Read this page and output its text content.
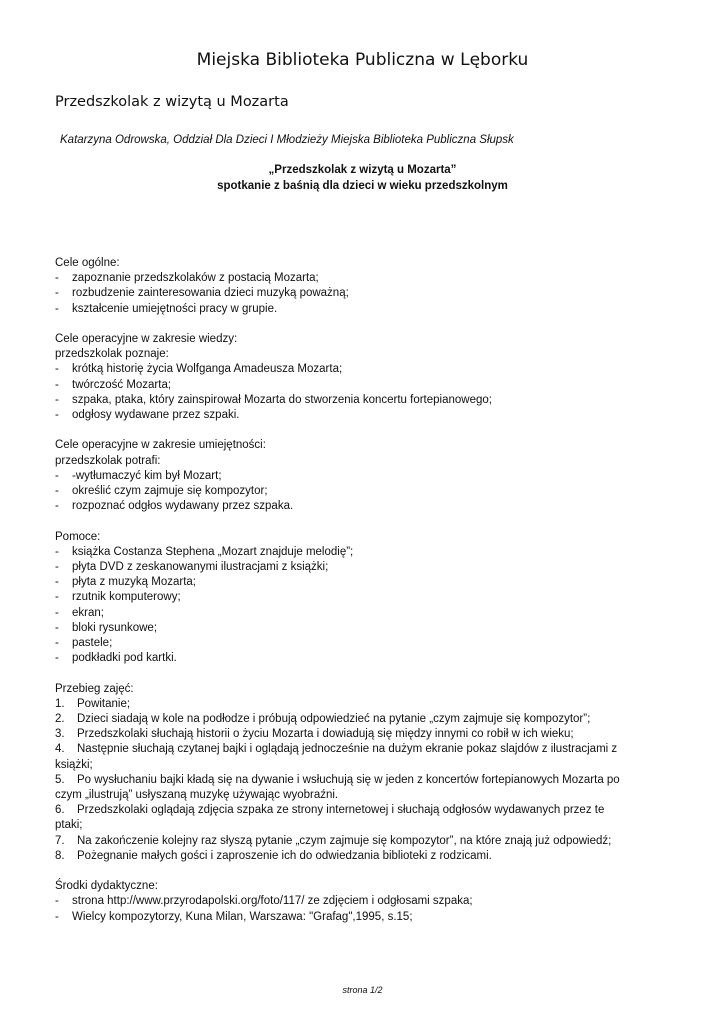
Miejska Biblioteka Publiczna w Lęborku
Przedszkolak z wizytą u Mozarta
Katarzyna Odrowska, Oddział Dla Dzieci I Młodzieży Miejska Biblioteka Publiczna Słupsk
„Przedszkolak z wizytą u Mozarta”
spotkanie z baśnią dla dzieci w wieku przedszkolnym
Cele ogólne:
-	zapoznanie przedszkolaków z postacią Mozarta;
-	rozbudzenie zainteresowania dzieci muzyką poważną;
-	kształcenie umiejętności pracy w grupie.
Cele operacyjne w zakresie wiedzy:
przedszkolak poznaje:
-	krótką historię życia Wolfganga Amadeusza Mozarta;
-	twórczość Mozarta;
-	szpaka, ptaka, który zainspirował Mozarta do stworzenia koncertu fortepianowego;
-	odgłosy wydawane przez szpaki.
Cele operacyjne w zakresie umiejętności:
przedszkolak potrafi:
-	-wytłumaczyć kim był Mozart;
-	określić czym zajmuje się kompozytor;
-	rozpoznać odgłos wydawany przez szpaka.
Pomoce:
-	książka Costanza Stephena „Mozart znajduje melodię”;
-	płyta DVD z zeskanowanymi ilustracjami z książki;
-	płyta z muzyką Mozarta;
-	rzutnik komputerowy;
-	ekran;
-	bloki rysunkowe;
-	pastele;
-	podkładki pod kartki.
Przebieg zajęć:
1. Powitanie;
2. Dzieci siadają w kole na podłodze i próbują odpowiedzieć na pytanie „czym zajmuje się kompozytor”;
3. Przedszkolaki słuchają historii o życiu Mozarta i dowiadują się między innymi co robił w ich wieku;
4. Następnie słuchają czytanej bajki i oglądają jednocześnie na dużym ekranie pokaz slajdów z ilustracjami z
książki;
5. Po wysłuchaniu bajki kładą się na dywanie i wsłuchują się w jeden z koncertów fortepianowych Mozarta po
czym „ilustrują” usłyszaną muzykę używając wyobraźni.
6. Przedszkolaki oglądają zdjęcia szpaka ze strony internetowej i słuchają odgłosów wydawanych przez te
ptaki;
7. Na zakończenie kolejny raz słyszą pytanie „czym zajmuje się kompozytor”, na które znają już odpowiedź;
8. Pożegnanie małych gości i zaproszenie ich do odwiedzania biblioteki z rodzicami.
Środki dydaktyczne:
-	strona http://www.przyrodapolski.org/foto/117/ ze zdjęciem i odgłosami szpaka;
-	Wielcy kompozytorzy, Kuna Milan, Warszawa: "Grafag",1995, s.15;
strona 1/2
